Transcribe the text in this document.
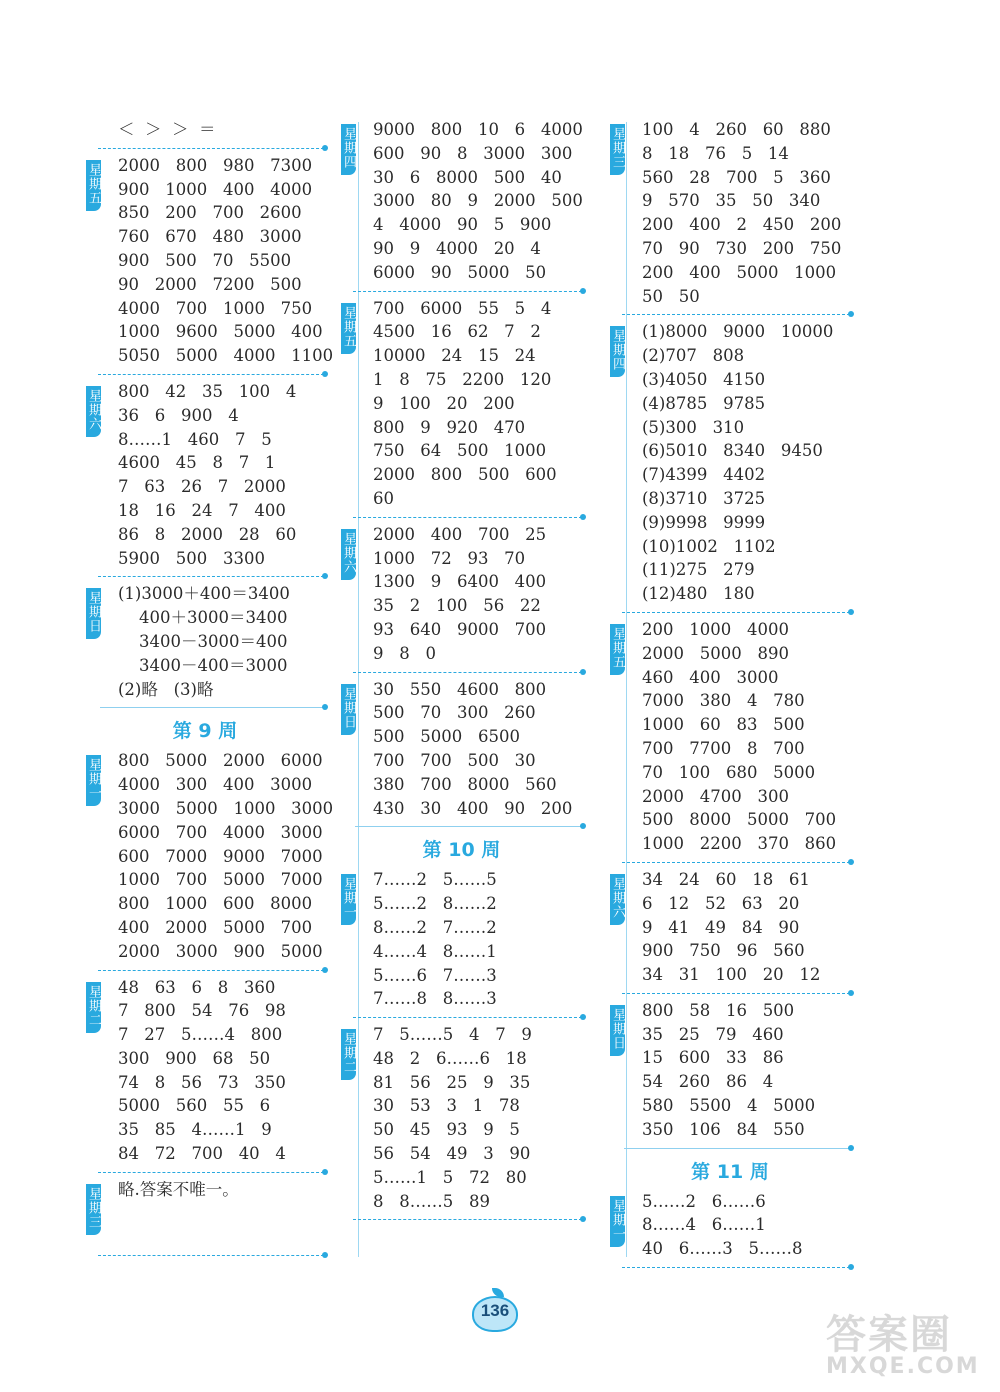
＜  ＞  ＞  ＝
星期五 2000   800   980   7300
900   1000   400   4000
850   200   700   2600
760   670   480   3000
900   500   70   5500
90   2000   7200   500
4000   700   1000   750
1000   9600   5000   400
5050   5000   4000   1100
星期六 800   42   35   100   4
36   6   900   4
8……1   460   7   5
4600   45   8   7   1
7   63   26   7   2000
18   16   24   7   400
86   8   2000   28   60
5900   500   3300
星期日 (1)3000＋400＝3400
400＋3000＝3400
3400－3000＝400
3400－400＝3000
(2)略   (3)略
第 9 周
星期一 800   5000   2000   6000
4000   300   400   3000
3000   5000   1000   3000
6000   700   4000   3000
600   7000   9000   7000
1000   700   5000   7000
800   1000   600   8000
400   2000   5000   700
2000   3000   900   5000
星期二 48   63   6   8   360
7   800   54   76   98
7   27   5……4   800
300   900   68   50
74   8   56   73   350
5000   560   55   6
35   85   4……1   9
84   72   700   40   4
星期三 略.答案不唯一。
星期四 9000   800   10   6   4000
600   90   8   3000   300
30   6   8000   500   40
3000   80   9   2000   500
4   4000   90   5   900
90   9   4000   20   4
6000   90   5000   50
星期五 700   6000   55   5   4
4500   16   62   7   2
10000   24   15   24
1   8   75   2200   120
9   100   20   200
800   9   920   470
750   64   500   1000
2000   800   500   600
60
星期六 2000   400   700   25
1000   72   93   70
1300   9   6400   400
35   2   100   56   22
93   640   9000   700
9   8   0
星期日 30   550   4600   800
500   70   300   260
500   5000   6500
700   700   500   30
380   700   8000   560
430   30   400   90   200
第 10 周
星期一 7……2   5……5
5……2   8……2
8……2   7……2
4……4   8……1
5……6   7……3
7……8   8……3
星期二 7   5……5   4   7   9
48   2   6……6   18
81   56   25   9   35
30   53   3   1   78
50   45   93   9   5
56   54   49   3   90
5……1   5   72   80
8   8……5   89
星期三 100   4   260   60   880
8   18   76   5   14
560   28   700   5   360
9   570   35   50   340
200   400   2   450   200
70   90   730   200   750
200   400   5000   1000
50   50
星期四 (1)8000   9000   10000
(2)707   808
(3)4050   4150
(4)8785   9785
(5)300   310
(6)5010   8340   9450
(7)4399   4402
(8)3710   3725
(9)9998   9999
(10)1002   1102
(11)275   279
(12)480   180
星期五 200   1000   4000
2000   5000   890
460   400   3000
7000   380   4   780
1000   60   83   500
700   7700   8   700
70   100   680   5000
2000   4700   300
500   8000   5000   700
1000   2200   370   860
星期六 34   24   60   18   61
6   12   52   63   20
9   41   49   84   90
900   750   96   560
34   31   100   20   12
星期日 800   58   16   500
35   25   79   460
15   600   33   86
54   260   86   4
580   5500   4   5000
350   106   84   550
第 11 周
星期一 5……2   6……6
8……4   6……1
40   6……3   5……8
136
答案圈
MXQE.COM
